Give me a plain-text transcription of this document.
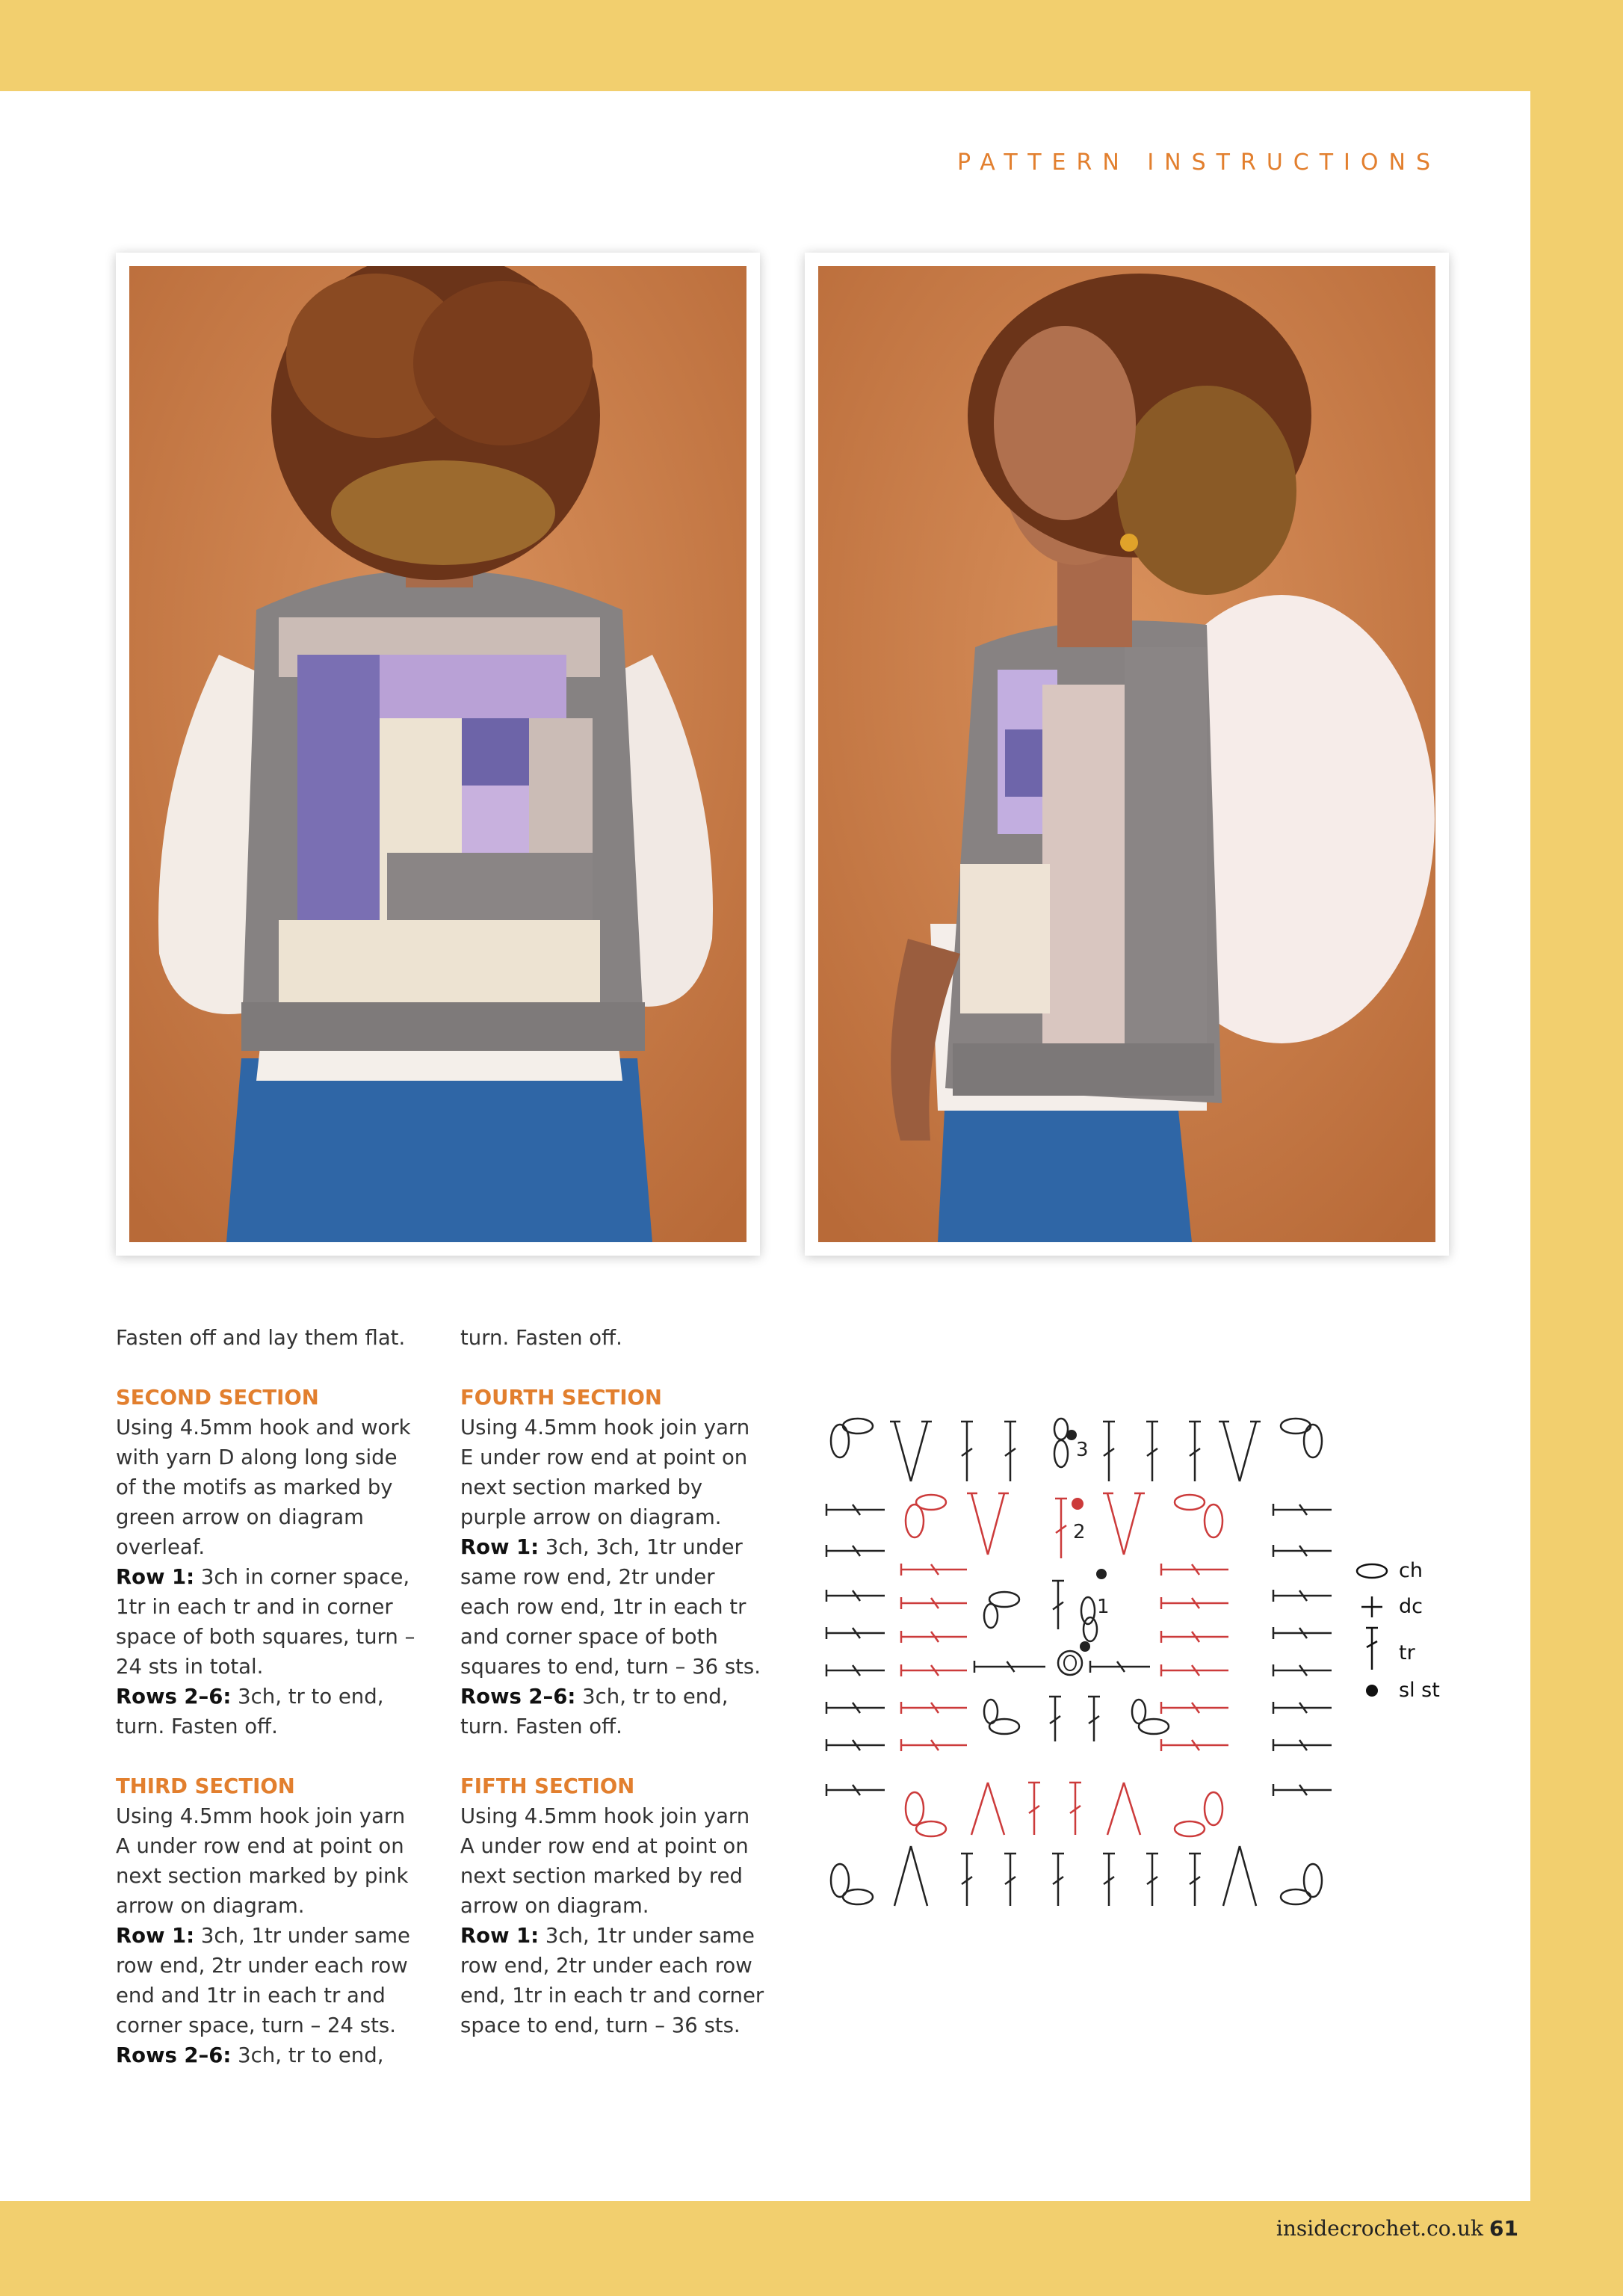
PATTERN INSTRUCTIONS

Fasten off and lay them flat.

SECOND SECTION

Using 4.5mm hook and work with yarn D along long side of the motifs as marked by green arrow on diagram overleaf.

Row 1: 3ch in corner space, 1tr in each tr and in corner space of both squares, turn – 24 sts in total.

Rows 2–6: 3ch, tr to end, turn. Fasten off.

THIRD SECTION

Using 4.5mm hook join yarn A under row end at point on next section marked by pink arrow on diagram.

Row 1: 3ch, 1tr under same row end, 2tr under each row end and 1tr in each tr and corner space, turn – 24 sts.

Rows 2–6: 3ch, tr to end,

turn. Fasten off.

FOURTH SECTION

Using 4.5mm hook join yarn E under row end at point on next section marked by purple arrow on diagram.

Row 1: 3ch, 3ch, 1tr under same row end, 2tr under each row end, 1tr in each tr and corner space of both squares to end, turn – 36 sts.

Rows 2–6: 3ch, tr to end, turn. Fasten off.

FIFTH SECTION

Using 4.5mm hook join yarn A under row end at point on next section marked by red arrow on diagram.

Row 1: 3ch, 1tr under same row end, 2tr under each row end, 1tr in each tr and corner space to end, turn – 36 sts.

3
2
1
ch
dc
tr
sl st
insidecrochet.co.uk 61
